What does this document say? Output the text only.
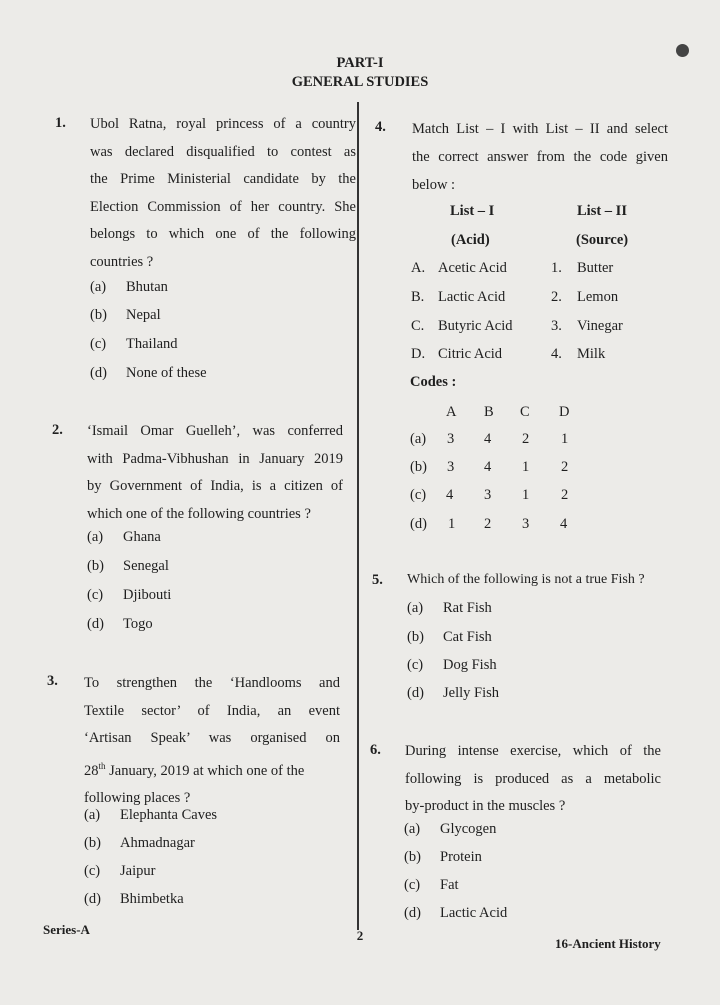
PART-I
GENERAL STUDIES
1. Ubol Ratna, royal princess of a country
was declared disqualified to contest as
the Prime Ministerial candidate by the
Election Commission of her country. She
belongs to which one of the following
countries ?
(a) Bhutan
(b) Nepal
(c) Thailand
(d) None of these
2. ‘Ismail Omar Guelleh’, was conferred
with Padma-Vibhushan in January 2019
by Government of India, is a citizen of
which one of the following countries ?
(a) Ghana
(b) Senegal
(c) Djibouti
(d) Togo
3. To strengthen the ‘Handlooms and
Textile sector’ of India, an event
‘Artisan Speak’ was organised on
28th January, 2019 at which one of the
following places ?
(a) Elephanta Caves
(b) Ahmadnagar
(c) Jaipur
(d) Bhimbetka
4. Match List – I with List – II and select
the correct answer from the code given
below :
List – I
(Acid)
List – II
(Source)
A. Acetic Acid	1. Butter
B. Lactic Acid	2. Lemon
C. Butyric Acid	3. Vinegar
D. Citric Acid	4. Milk
Codes :
A B C D
(a) 3 4 2 1
(b) 3 4 1 2
(c) 4 3 1 2
(d) 1 2 3 4
5. Which of the following is not a true Fish ?
(a) Rat Fish
(b) Cat Fish
(c) Dog Fish
(d) Jelly Fish
6. During intense exercise, which of the
following is produced as a metabolic
by-product in the muscles ?
(a) Glycogen
(b) Protein
(c) Fat
(d) Lactic Acid
Series-A	2
16-Ancient History
